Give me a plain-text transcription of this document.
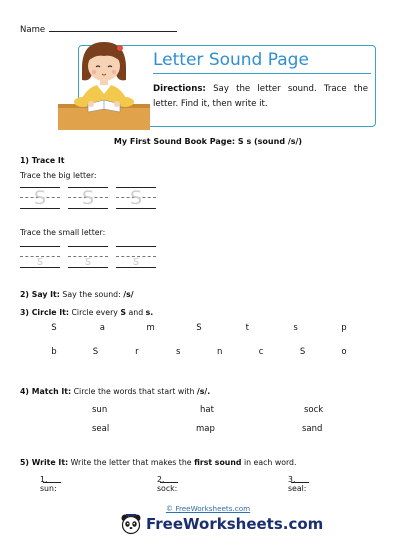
Name
Letter Sound Page
Directions: Say the letter sound. Trace the letter. Find it, then write it.
My First Sound Book Page: S s (sound /s/)
1) Trace It
Trace the big letter:
S	S	S
Trace the small letter:
s	s	s
2) Say It: Say the sound: /s/
3) Circle It: Circle every S and s.
S	a	m	S	t	s	p
b	S	r	s	n	c	S	o
4) Match It: Circle the words that start with /s/.
sun	hat	sock
seal	map	sand
5) Write It: Write the letter that makes the first sound in each word.
1. sun:
2. sock:
3. seal:
© FreeWorksheets.com
FreeWorksheets.com
